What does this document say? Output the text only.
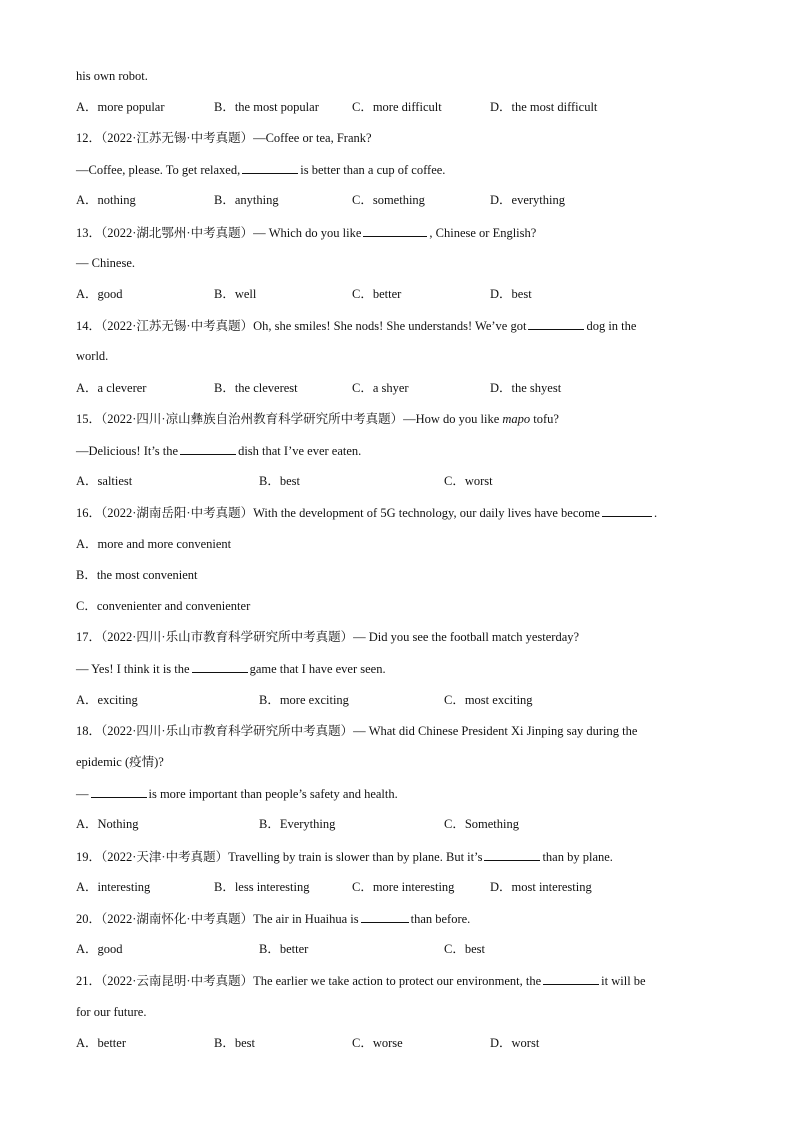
his own robot.
A．more popular	B．the most popular	C．more difficult	D．the most difficult
12．（2022·江苏无锡·中考真题）—Coffee or tea, Frank?
—Coffee, please. To get relaxed,	is better than a cup of coffee.
A．nothing	B．anything	C．something	D．everything
13．（2022·湖北鄂州·中考真题）— Which do you like	, Chinese or English?
— Chinese.
A．good	B．well	C．better	D．best
14．（2022·江苏无锡·中考真题）Oh, she smiles! She nods! She understands! We’ve got	dog in the
world.
A．a cleverer	B．the cleverest	C．a shyer	D．the shyest
15．（2022·四川·凉山彝族自治州教育科学研究所中考真题）—How do you like mapo tofu?
—Delicious! It’s the	dish that I’ve ever eaten.
A．saltiest	B．best	C．worst
16．（2022·湖南岳阳·中考真题）With the development of 5G technology, our daily lives have become	.
A．more and more convenient
B．the most convenient
C．convenienter and convenienter
17．（2022·四川·乐山市教育科学研究所中考真题）— Did you see the football match yesterday?
— Yes! I think it is the	game that I have ever seen.
A．exciting	B．more exciting	C．most exciting
18．（2022·四川·乐山市教育科学研究所中考真题）— What did Chinese President Xi Jinping say during the
epidemic (疫情)?
—	is more important than people’s safety and health.
A．Nothing	B．Everything	C．Something
19．（2022·天津·中考真题）Travelling by train is slower than by plane. But it’s	than by plane.
A．interesting	B．less interesting	C．more interesting	D．most interesting
20．（2022·湖南怀化·中考真题）The air in Huaihua is	than before.
A．good	B．better	C．best
21．（2022·云南昆明·中考真题）The earlier we take action to protect our environment, the	it will be
for our future.
A．better	B．best	C．worse	D．worst
